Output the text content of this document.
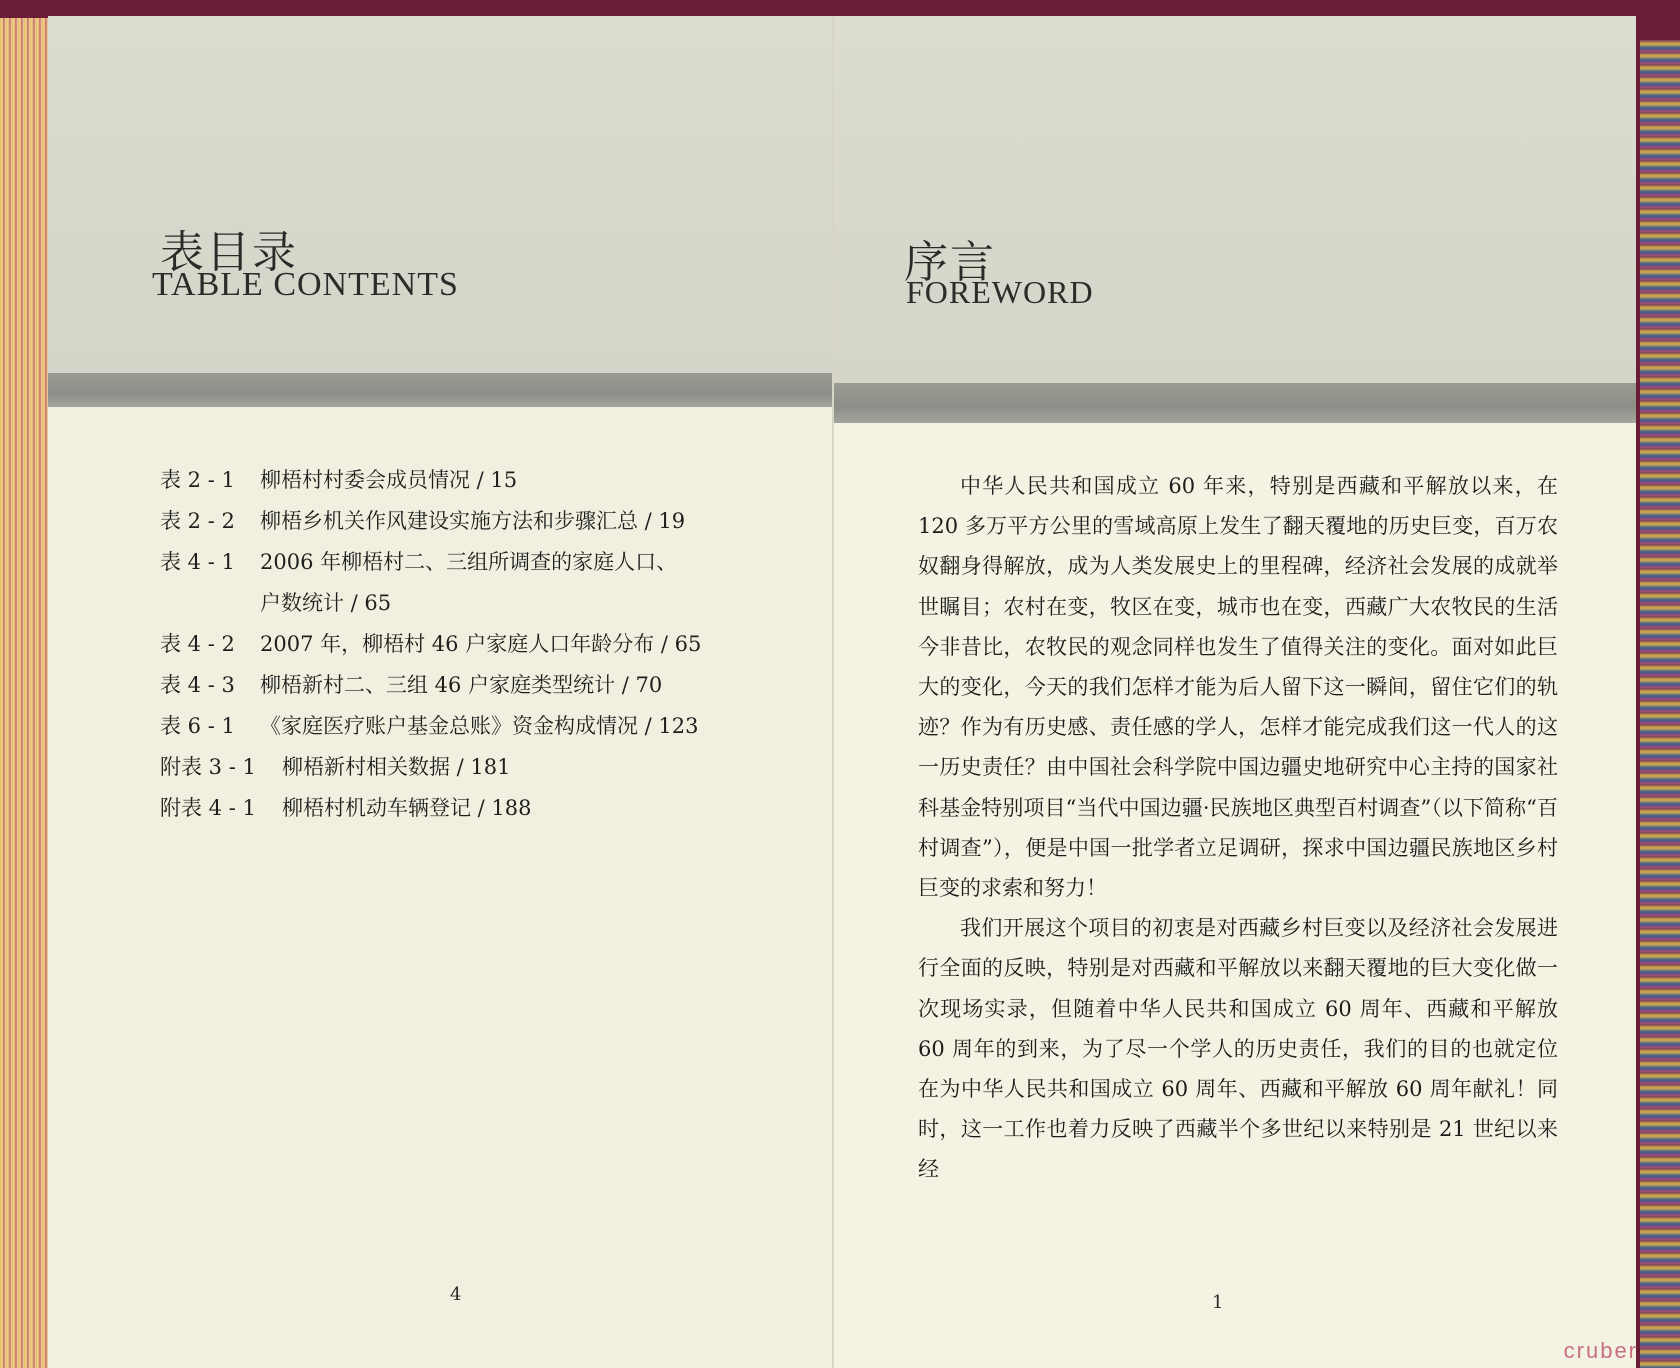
表目录
TABLE CONTENTS
表 2 - 1	柳梧村村委会成员情况 / 15
表 2 - 2	柳梧乡机关作风建设实施方法和步骤汇总 / 19
表 4 - 1	2006 年柳梧村二、三组所调查的家庭人口、
户数统计 / 65
表 4 - 2	2007 年，柳梧村 46 户家庭人口年龄分布 / 65
表 4 - 3	柳梧新村二、三组 46 户家庭类型统计 / 70
表 6 - 1	《家庭医疗账户基金总账》资金构成情况 / 123
附表 3 - 1	柳梧新村相关数据 / 181
附表 4 - 1	柳梧村机动车辆登记 / 188
4
序言
FOREWORD

中华人民共和国成立 60 年来，特别是西藏和平解放以来，在 120 多万平方公里的雪域高原上发生了翻天覆地的历史巨变，百万农奴翻身得解放，成为人类发展史上的里程碑，经济社会发展的成就举世瞩目；农村在变，牧区在变，城市也在变，西藏广大农牧民的生活今非昔比，农牧民的观念同样也发生了值得关注的变化。面对如此巨大的变化，今天的我们怎样才能为后人留下这一瞬间，留住它们的轨迹？作为有历史感、责任感的学人，怎样才能完成我们这一代人的这一历史责任？由中国社会科学院中国边疆史地研究中心主持的国家社科基金特别项目“当代中国边疆·民族地区典型百村调查”（以下简称“百村调查”），便是中国一批学者立足调研，探求中国边疆民族地区乡村巨变的求索和努力！

我们开展这个项目的初衷是对西藏乡村巨变以及经济社会发展进行全面的反映，特别是对西藏和平解放以来翻天覆地的巨大变化做一次现场实录，但随着中华人民共和国成立 60 周年、西藏和平解放 60 周年的到来，为了尽一个学人的历史责任，我们的目的也就定位在为中华人民共和国成立 60 周年、西藏和平解放 60 周年献礼！同时，这一工作也着力反映了西藏半个多世纪以来特别是 21 世纪以来经

1
cruber
